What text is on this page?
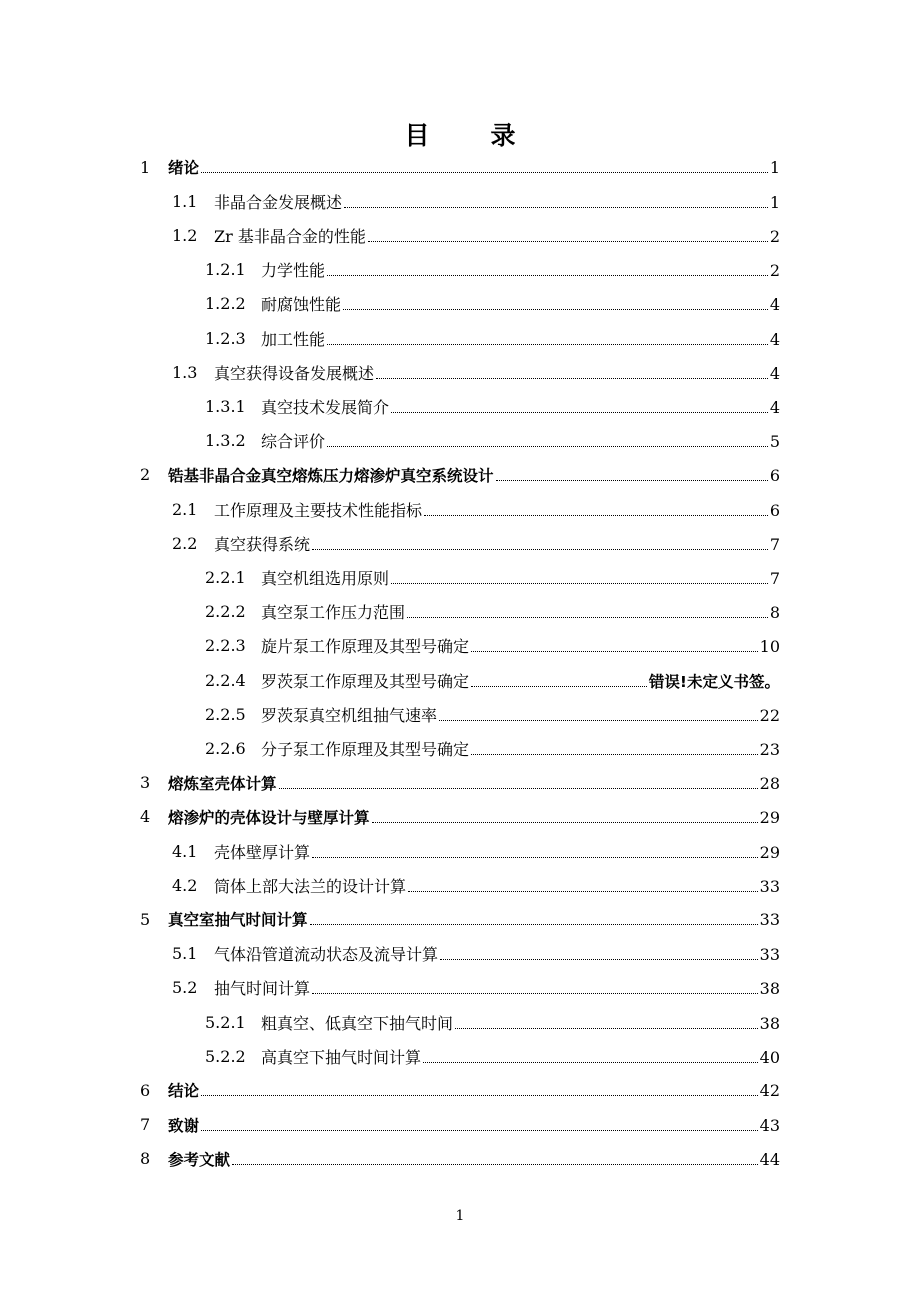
目　录
1 绪论	1
1.1 非晶合金发展概述	1
1.2 Zr 基非晶合金的性能	2
1.2.1 力学性能	2
1.2.2 耐腐蚀性能	4
1.2.3 加工性能	4
1.3 真空获得设备发展概述	4
1.3.1 真空技术发展简介	4
1.3.2 综合评价	5
2 锆基非晶合金真空熔炼压力熔渗炉真空系统设计	6
2.1 工作原理及主要技术性能指标	6
2.2 真空获得系统	7
2.2.1 真空机组选用原则	7
2.2.2 真空泵工作压力范围	8
2.2.3 旋片泵工作原理及其型号确定	10
2.2.4 罗茨泵工作原理及其型号确定	错误!未定义书签。
2.2.5 罗茨泵真空机组抽气速率	22
2.2.6 分子泵工作原理及其型号确定	23
3 熔炼室壳体计算	28
4 熔渗炉的壳体设计与壁厚计算	29
4.1 壳体壁厚计算	29
4.2 筒体上部大法兰的设计计算	33
5 真空室抽气时间计算	33
5.1 气体沿管道流动状态及流导计算	33
5.2 抽气时间计算	38
5.2.1 粗真空、低真空下抽气时间	38
5.2.2 高真空下抽气时间计算	40
6 结论	42
7 致谢	43
8 参考文献	44
1
